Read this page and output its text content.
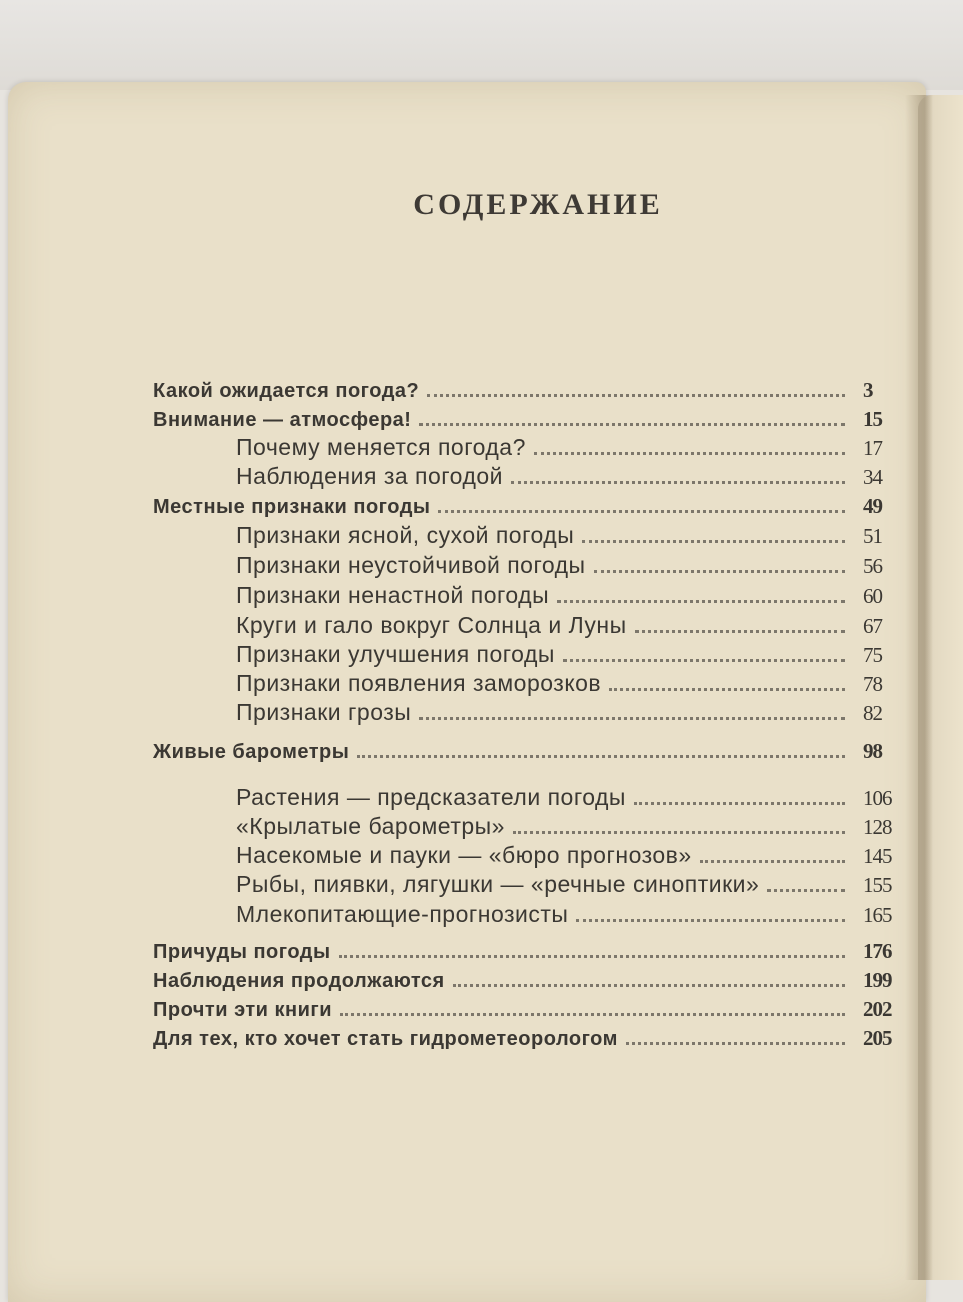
СОДЕРЖАНИЕ
Какой ожидается погода?	3
Внимание — атмосфера!	15
Почему меняется погода?	17
Наблюдения за погодой	34
Местные признаки погоды	49
Признаки ясной, сухой погоды	51
Признаки неустойчивой погоды	56
Признаки ненастной погоды	60
Круги и гало вокруг Солнца и Луны	67
Признаки улучшения погоды	75
Признаки появления заморозков	78
Признаки грозы	82
Живые барометры	98
Растения — предсказатели погоды	106
«Крылатые барометры»	128
Насекомые и пауки — «бюро прогнозов»	145
Рыбы, пиявки, лягушки — «речные синоптики»	155
Млекопитающие-прогнозисты	165
Причуды погоды	176
Наблюдения продолжаются	199
Прочти эти книги	202
Для тех, кто хочет стать гидрометеорологом	205
